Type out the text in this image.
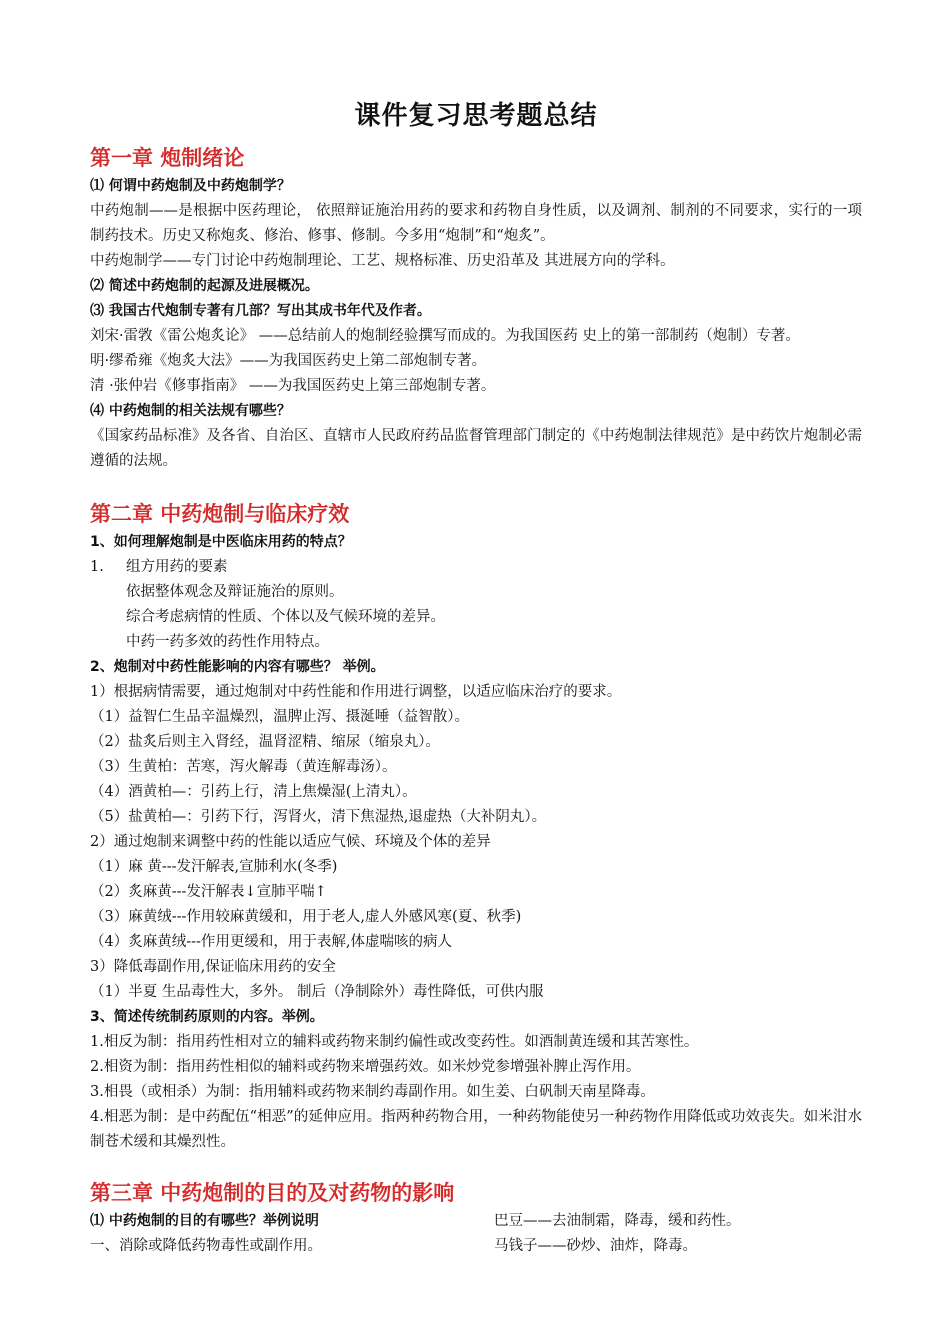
课件复习思考题总结
第一章 炮制绪论

⑴ 何谓中药炮制及中药炮制学？

中药炮制——是根据中医药理论， 依照辩证施治用药的要求和药物自身性质，以及调剂、制剂的不同要求，实行的一项制药技术。历史又称炮炙、修治、修事、修制。今多用“炮制”和“炮炙”。

中药炮制学——专门讨论中药炮制理论、工艺、规格标准、历史沿革及 其进展方向的学科。

⑵ 简述中药炮制的起源及进展概况。

⑶ 我国古代炮制专著有几部？写出其成书年代及作者。

刘宋·雷敩《雷公炮炙论》 ——总结前人的炮制经验撰写而成的。为我国医药 史上的第一部制药（炮制）专著。

明·缪希雍《炮炙大法》——为我国医药史上第二部炮制专著。

清 ·张仲岩《修事指南》 ——为我国医药史上第三部炮制专著。

⑷ 中药炮制的相关法规有哪些？

《国家药品标准》及各省、自治区、直辖市人民政府药品监督管理部门制定的《中药炮制法律规范》是中药饮片炮制必需遵循的法规。

第二章 中药炮制与临床疗效

1、如何理解炮制是中医临床用药的特点？

1.	组方用药的要素

依据整体观念及辩证施治的原则。

综合考虑病情的性质、个体以及气候环境的差异。

中药一药多效的药性作用特点。

2、炮制对中药性能影响的内容有哪些？ 举例。

1）根据病情需要，通过炮制对中药性能和作用进行调整，以适应临床治疗的要求。

（1）益智仁生品辛温燥烈，温脾止泻、摄涎唾（益智散）。

（2）盐炙后则主入肾经，温肾涩精、缩尿（缩泉丸）。

（3）生黄柏：苦寒，泻火解毒（黄连解毒汤）。

（4）酒黄柏—：引药上行，清上焦燥湿(上清丸）。

（5）盐黄柏—：引药下行，泻肾火，清下焦湿热,退虚热（大补阴丸）。

2）通过炮制来调整中药的性能以适应气候、环境及个体的差异

（1）麻 黄---发汗解表,宣肺利水(冬季)

（2）炙麻黄---发汗解表↓宣肺平喘↑

（3）麻黄绒---作用较麻黄缓和，用于老人,虚人外感风寒(夏、秋季)

（4）炙麻黄绒---作用更缓和，用于表解,体虚喘咳的病人

3）降低毒副作用,保证临床用药的安全

（1）半夏 生品毒性大，多外。 制后（净制除外）毒性降低，可供内服

3、简述传统制药原则的内容。举例。

1.相反为制：指用药性相对立的辅料或药物来制约偏性或改变药性。如酒制黄连缓和其苦寒性。

2.相资为制：指用药性相似的辅料或药物来增强药效。如米炒党参增强补脾止泻作用。

3.相畏（或相杀）为制：指用辅料或药物来制约毒副作用。如生姜、白矾制天南星降毒。

4.相恶为制：是中药配伍“相恶”的延伸应用。指两种药物合用，一种药物能使另一种药物作用降低或功效丧失。如米泔水制苍术缓和其燥烈性。

第三章 中药炮制的目的及对药物的影响

⑴ 中药炮制的目的有哪些？举例说明

一、消除或降低药物毒性或副作用。

巴豆——去油制霜，降毒，缓和药性。

马钱子——砂炒、油炸，降毒。
